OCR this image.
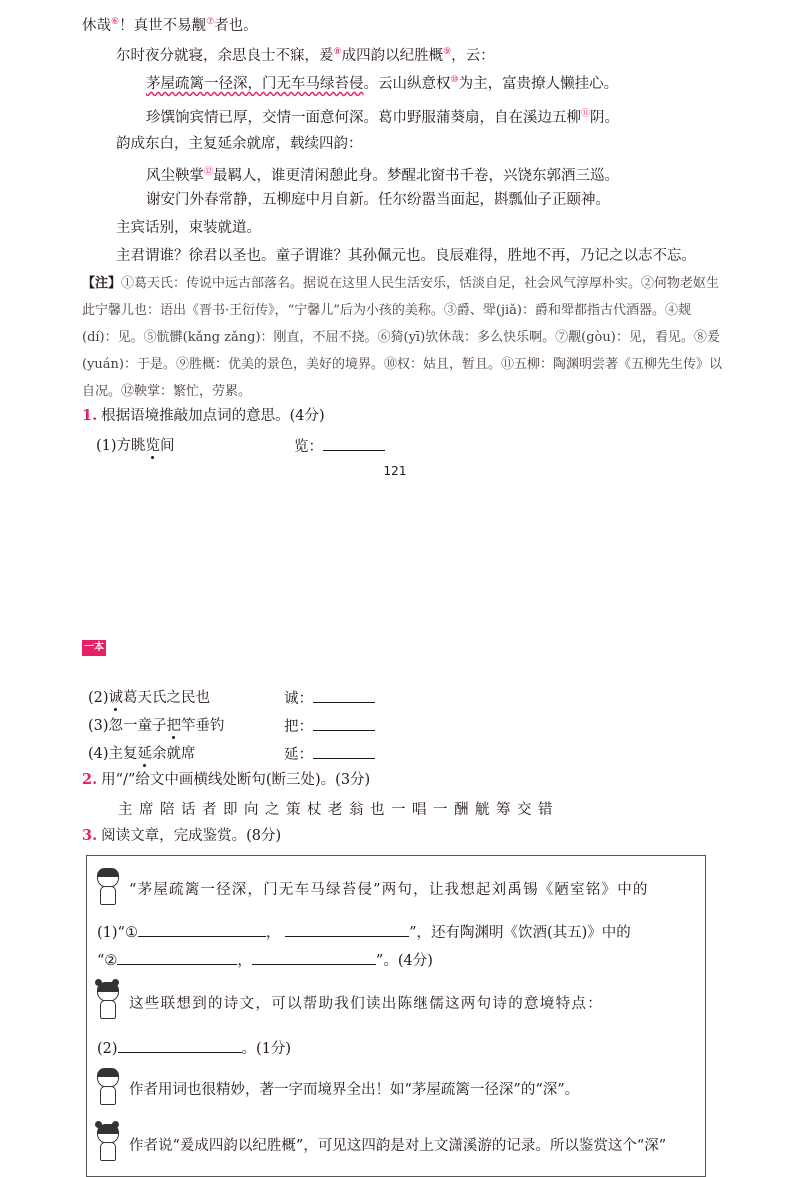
休哉⑥！真世不易觏⑦者也。
尔时夜分就寝，余思良士不寐，爰⑧成四韵以纪胜概⑨，云：
茅屋疏篱一径深，门无车马绿苔侵。云山纵意权⑩为主，富贵撩人懒挂心。
珍馔饷宾情已厚，交情一面意何深。葛巾野服蒲葵扇，自在溪边五柳⑪阴。
韵成东白，主复延余就席，载续四韵：
风尘鞅掌⑫最羁人，谁更清闲憩此身。梦醒北窗书千卷，兴饶东郭酒三巡。
谢安门外春常静，五柳庭中月自新。任尔纷嚣当面起，斟瓢仙子正颐神。
主宾话别，束装就道。
主君谓谁？徐君以圣也。童子谓谁？其孙佩元也。良辰难得，胜地不再，乃记之以志不忘。
【注】①葛天氏：传说中远古部落名。据说在这里人民生活安乐，恬淡自足，社会风气淳厚朴实。②何物老妪生此宁馨儿也：语出《晋书·王衍传》，“宁馨儿”后为小孩的美称。③爵、斝(jiǎ)：爵和斝都指古代酒器。④觌(dí)：见。⑤骯髒(kǎng zǎng)：刚直，不屈不挠。⑥猗(yī)欤休哉：多么快乐啊。⑦觏(gòu)：见，看见。⑧爰(yuán)：于是。⑨胜概：优美的景色，美好的境界。⑩权：姑且，暂且。⑪五柳：陶渊明尝著《五柳先生传》以自况。⑫鞅掌：繁忙，劳累。
1. 根据语境推敲加点词的意思。(4分)
(1)方眺览间	览：
121
一本
(2)诚葛天氏之民也	诚：
(3)忽一童子把竿垂钓	把：
(4)主复延余就席	延：
2. 用“/”给文中画横线处断句(断三处)。(3分)
主席陪话者即向之策杖老翁也一唱一酬觥筹交错
3. 阅读文章，完成鉴赏。(8分)
“茅屋疏篱一径深，门无车马绿苔侵”两句，让我想起刘禹锡《陋室铭》中的
(1)“①	，	”，还有陶渊明《饮酒(其五)》中的
“②	，	”。(4分)
这些联想到的诗文，可以帮助我们读出陈继儒这两句诗的意境特点：
(2)	。(1分)
作者用词也很精妙，著一字而境界全出！如“茅屋疏篱一径深”的“深”。
作者说“爰成四韵以纪胜概”，可见这四韵是对上文潇溪游的记录。所以鉴赏这个“深”
